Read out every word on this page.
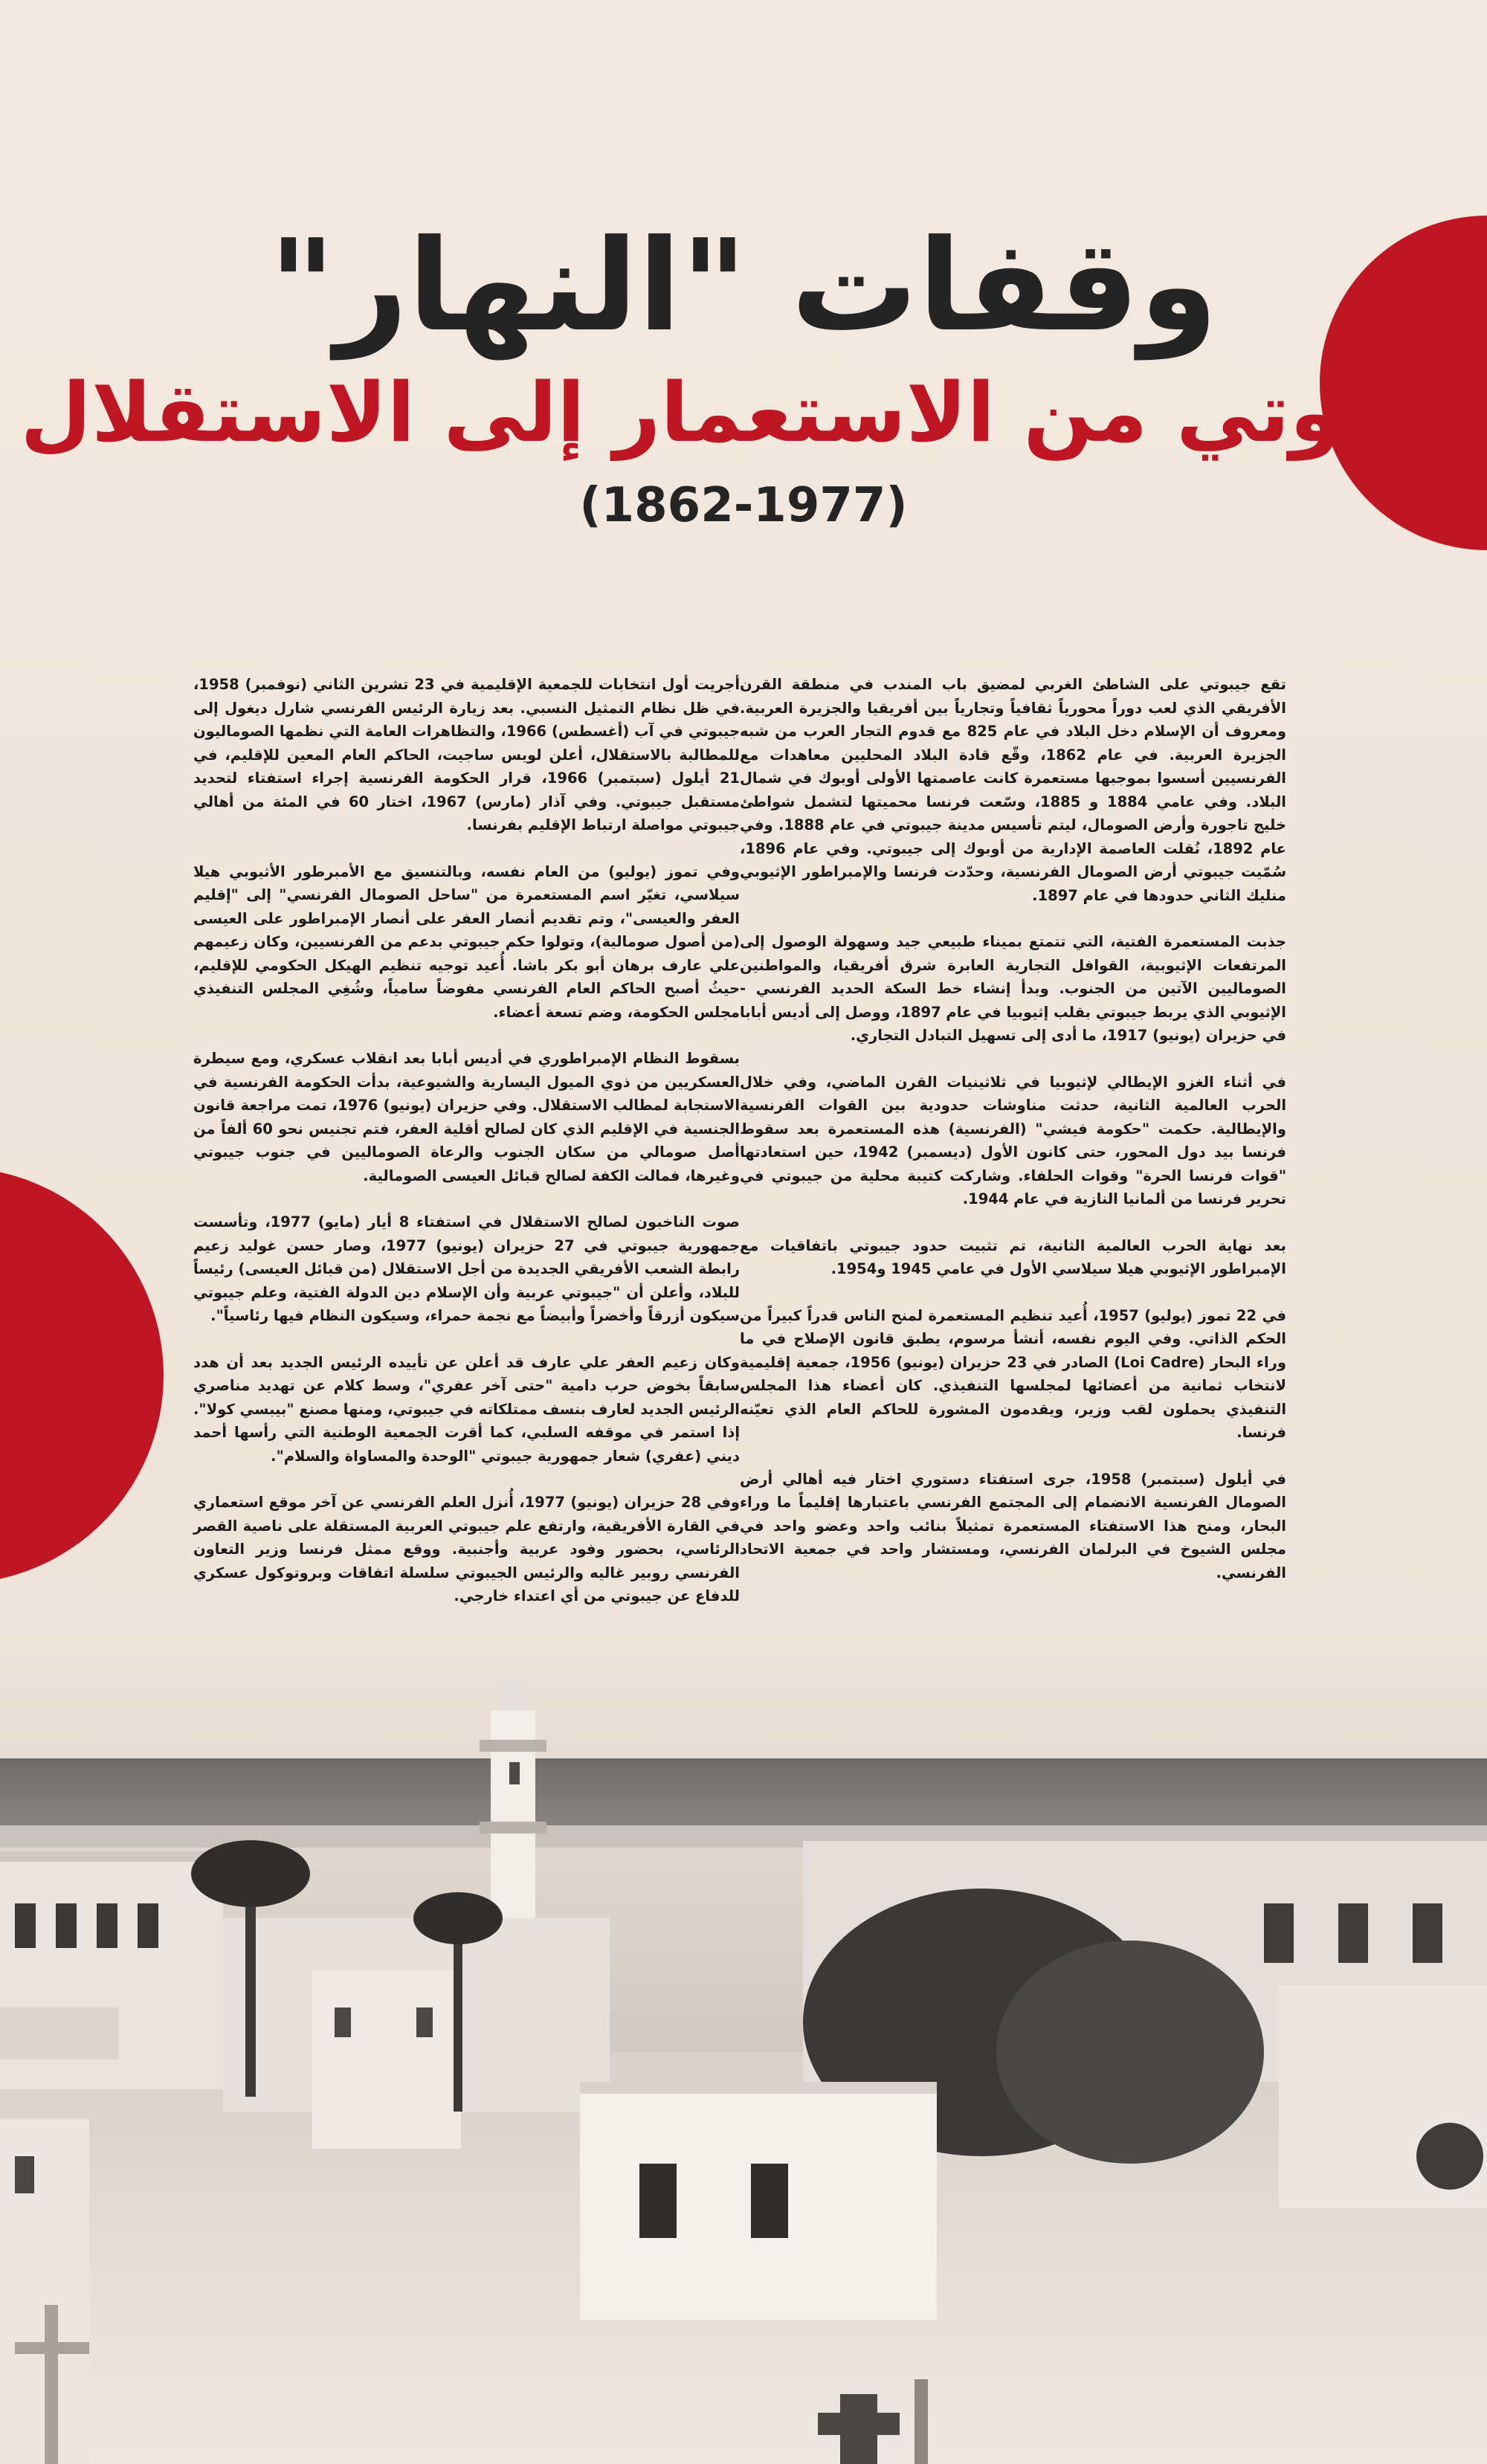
وقفات "النهار"
جيبوتي من الاستعمار إلى الاستقلال
(1862-1977)

تقع جيبوتي على الشاطئ الغربي لمضيق باب المندب في منطقة القرن الأفريقي الذي لعب دوراً محورياً ثقافياً وتجارياً بين أفريقيا والجزيرة العربية. ومعروف أن الإسلام دخل البلاد في عام 825 مع قدوم التجار العرب من شبه الجزيرة العربية. في عام 1862، وقّع قادة البلاد المحليين معاهدات مع الفرنسيين أسسوا بموجبها مستعمرة كانت عاصمتها الأولى أوبوك في شمال البلاد. وفي عامي 1884 و 1885، وسّعت فرنسا محميتها لتشمل شواطئ خليج تاجورة وأرض الصومال، ليتم تأسيس مدينة جيبوتي في عام 1888. وفي عام 1892، نُقلت العاصمة الإدارية من أوبوك إلى جيبوتي. وفي عام 1896، سُمّيت جيبوتي أرض الصومال الفرنسية، وحدّدت فرنسا والإمبراطور الإثيوبي منليك الثاني حدودها في عام 1897.

جذبت المستعمرة الفتية، التي تتمتع بميناء طبيعي جيد وسهولة الوصول إلى المرتفعات الإثيوبية، القوافل التجارية العابرة شرق أفريقيا، والمواطنين الصوماليين الآتين من الجنوب. وبدأ إنشاء خط السكة الحديد الفرنسي - الإثيوبي الذي يربط جيبوتي بقلب إثيوبيا في عام 1897، ووصل إلى أديس أبابا في حزيران (يونيو) 1917، ما أدى إلى تسهيل التبادل التجاري.

في أثناء الغزو الإيطالي لإثيوبيا في ثلاثينيات القرن الماضي، وفي خلال الحرب العالمية الثانية، حدثت مناوشات حدودية بين القوات الفرنسية والإيطالية. حكمت "حكومة فيشي" (الفرنسية) هذه المستعمرة بعد سقوط فرنسا بيد دول المحور، حتى كانون الأول (ديسمبر) 1942، حين استعادتها "قوات فرنسا الحرة" وقوات الحلفاء. وشاركت كتيبة محلية من جيبوتي في تحرير فرنسا من ألمانيا النازية في عام 1944.

بعد نهاية الحرب العالمية الثانية، تم تثبيت حدود جيبوتي باتفاقيات مع الإمبراطور الإثيوبي هيلا سيلاسي الأول في عامي 1945 و1954.

في 22 تموز (يوليو) 1957، أُعيد تنظيم المستعمرة لمنح الناس قدراً كبيراً من الحكم الذاتي. وفي اليوم نفسه، أنشأ مرسوم، يطبق قانون الإصلاح في ما وراء البحار (Loi Cadre) الصادر في 23 حزيران (يونيو) 1956، جمعية إقليمية لانتخاب ثمانية من أعضائها لمجلسها التنفيذي. كان أعضاء هذا المجلس التنفيذي يحملون لقب وزير، ويقدمون المشورة للحاكم العام الذي تعيّنه فرنسا.

في أيلول (سبتمبر) 1958، جرى استفتاء دستوري اختار فيه أهالي أرض الصومال الفرنسية الانضمام إلى المجتمع الفرنسي باعتبارها إقليماً ما وراء البحار، ومنح هذا الاستفتاء المستعمرة تمثيلاً بنائب واحد وعضو واحد في مجلس الشيوخ في البرلمان الفرنسي، ومستشار واحد في جمعية الاتحاد الفرنسي.

أجريت أول انتخابات للجمعية الإقليمية في 23 تشرين الثاني (نوفمبر) 1958، في ظل نظام التمثيل النسبي. بعد زيارة الرئيس الفرنسي شارل ديغول إلى جيبوتي في آب (أغسطس) 1966، والتظاهرات العامة التي نظمها الصوماليون للمطالبة بالاستقلال، أعلن لويس ساجيت، الحاكم العام المعين للإقليم، في 21 أيلول (سبتمبر) 1966، قرار الحكومة الفرنسية إجراء استفتاء لتحديد مستقبل جيبوتي. وفي آذار (مارس) 1967، اختار 60 في المئة من أهالي جيبوتي مواصلة ارتباط الإقليم بفرنسا.

وفي تموز (يوليو) من العام نفسه، وبالتنسيق مع الأمبرطور الأثيوبي هيلا سيلاسي، تغيّر اسم المستعمرة من "ساحل الصومال الفرنسي" إلى "إقليم العفر والعيسى"، وتم تقديم أنصار العفر على أنصار الإمبراطور على العيسى (من أصول صومالية)، وتولوا حكم جيبوتي بدعم من الفرنسيين، وكان زعيمهم علي عارف برهان أبو بكر باشا. أُعيد توجيه تنظيم الهيكل الحكومي للإقليم، حيثُ أصبح الحاكم العام الفرنسي مفوضاً سامياً، وشُغِي المجلس التنفيذي مجلس الحكومة، وضم تسعة أعضاء.

بسقوط النظام الإمبراطوري في أديس أبابا بعد انقلاب عسكري، ومع سيطرة العسكريين من ذوي الميول اليسارية والشيوعية، بدأت الحكومة الفرنسية في الاستجابة لمطالب الاستقلال. وفي حزيران (يونيو) 1976، تمت مراجعة قانون الجنسية في الإقليم الذي كان لصالح أقلية العفر، فتم تجنيس نحو 60 ألفاً من أصل صومالي من سكان الجنوب والرعاة الصوماليين في جنوب جيبوتي وغيرها، فمالت الكفة لصالح قبائل العيسى الصومالية.

صوت الناخبون لصالح الاستقلال في استفتاء 8 أيار (مايو) 1977، وتأسست جمهورية جيبوتي في 27 حزيران (يونيو) 1977، وصار حسن غوليد زعيم رابطة الشعب الأفريقي الجديدة من أجل الاستقلال (من قبائل العيسى) رئيساً للبلاد، وأعلن أن "جيبوتي عربية وأن الإسلام دين الدولة الفتية، وعلم جيبوتي سيكون أزرقاً وأخضراً وأبيضاً مع نجمة حمراء، وسيكون النظام فيها رئاسياً".

وكان زعيم العفر علي عارف قد أعلن عن تأييده الرئيس الجديد بعد أن هدد سابقاً بخوض حرب دامية "حتى آخر عفري"، وسط كلام عن تهديد مناصري الرئيس الجديد لعارف بنسف ممتلكاته في جيبوتي، ومنها مصنع "بيبسي كولا". إذا استمر في موقفه السلبي، كما أقرت الجمعية الوطنية التي رأسها أحمد ديني (عفري) شعار جمهورية جيبوتي "الوحدة والمساواة والسلام".

وفي 28 حزيران (يونيو) 1977، أُنزل العلم الفرنسي عن آخر موقع استعماري في القارة الأفريقية، وارتفع علم جيبوتي العربية المستقلة على ناصية القصر الرئاسي، بحضور وفود عربية وأجنبية. ووقع ممثل فرنسا وزير التعاون الفرنسي روبير غاليه والرئيس الجيبوتي سلسلة اتفاقات وبروتوكول عسكري للدفاع عن جيبوتي من أي اعتداء خارجي.
